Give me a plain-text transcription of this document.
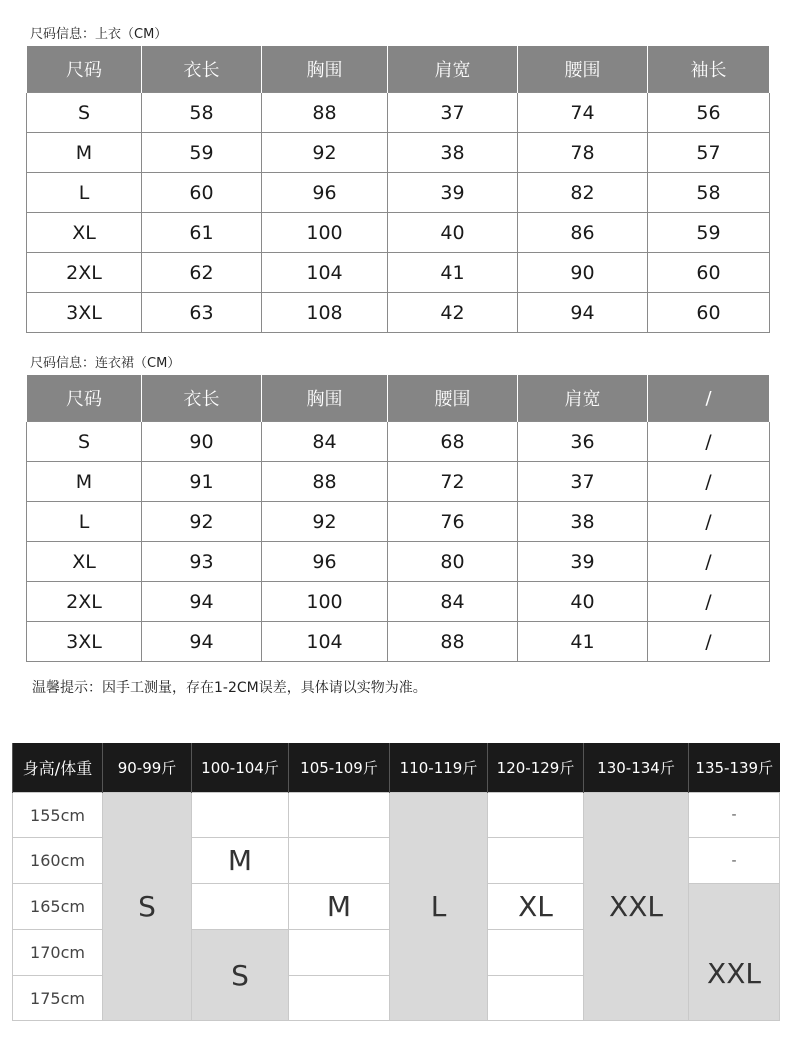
尺码信息：上衣（CM）
尺码	衣长	胸围	肩宽	腰围	袖长
S	58	88	37	74	56
M	59	92	38	78	57
L	60	96	39	82	58
XL	61	100	40	86	59
2XL	62	104	41	90	60
3XL	63	108	42	94	60
尺码信息：连衣裙（CM）
尺码	衣长	胸围	腰围	肩宽	/
S	90	84	68	36	/
M	91	88	72	37	/
L	92	92	76	38	/
XL	93	96	80	39	/
2XL	94	100	84	40	/
3XL	94	104	88	41	/
温馨提示：因手工测量，存在1-2CM误差，具体请以实物为准。
身高/体重	90-99斤	100-104斤	105-109斤	110-119斤	120-129斤	130-134斤	135-139斤
155cm	S			L		XXL	-
160cm		M					-
165cm			M		XL		XXL
170cm		S					
175cm							
